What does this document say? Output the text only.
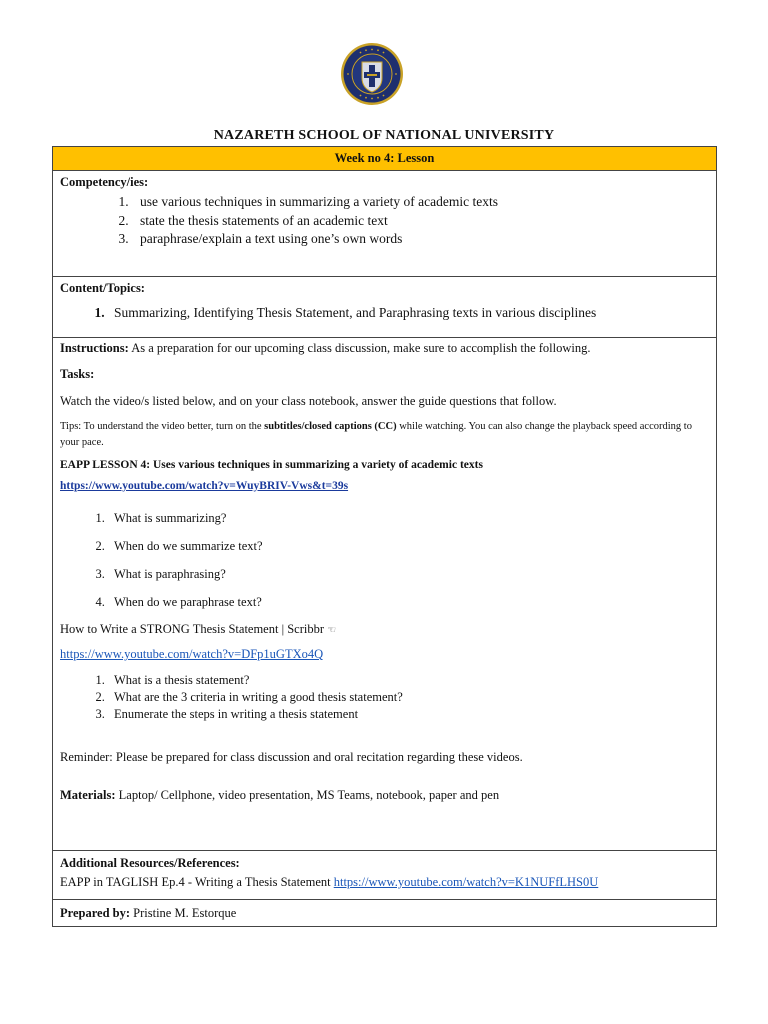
NAZARETH SCHOOL OF NATIONAL UNIVERSITY
Week no 4: Lesson

Competency/ies:
1. use various techniques in summarizing a variety of academic texts
2. state the thesis statements of an academic text
3. paraphrase/explain a text using one’s own words

Content/Topics:
1. Summarizing, Identifying Thesis Statement, and Paraphrasing texts in various disciplines

Instructions: As a preparation for our upcoming class discussion, make sure to accomplish the following.

Tasks:

Watch the video/s listed below, and on your class notebook, answer the guide questions that follow.

Tips: To understand the video better, turn on the subtitles/closed captions (CC) while watching. You can also change the playback speed according to your pace.

EAPP LESSON 4: Uses various techniques in summarizing a variety of academic texts

https://www.youtube.com/watch?v=WuyBRIV-Vws&t=39s

1. What is summarizing?
2. When do we summarize text?
3. What is paraphrasing?
4. When do we paraphrase text?

How to Write a STRONG Thesis Statement | Scribbr ☜

https://www.youtube.com/watch?v=DFp1uGTXo4Q

1. What is a thesis statement?
2. What are the 3 criteria in writing a good thesis statement?
3. Enumerate the steps in writing a thesis statement

Reminder: Please be prepared for class discussion and oral recitation regarding these videos.

Materials: Laptop/ Cellphone, video presentation, MS Teams, notebook, paper and pen

Additional Resources/References:

EAPP in TAGLISH Ep.4 - Writing a Thesis Statement https://www.youtube.com/watch?v=K1NUFfLHS0U

Prepared by: Pristine M. Estorque
